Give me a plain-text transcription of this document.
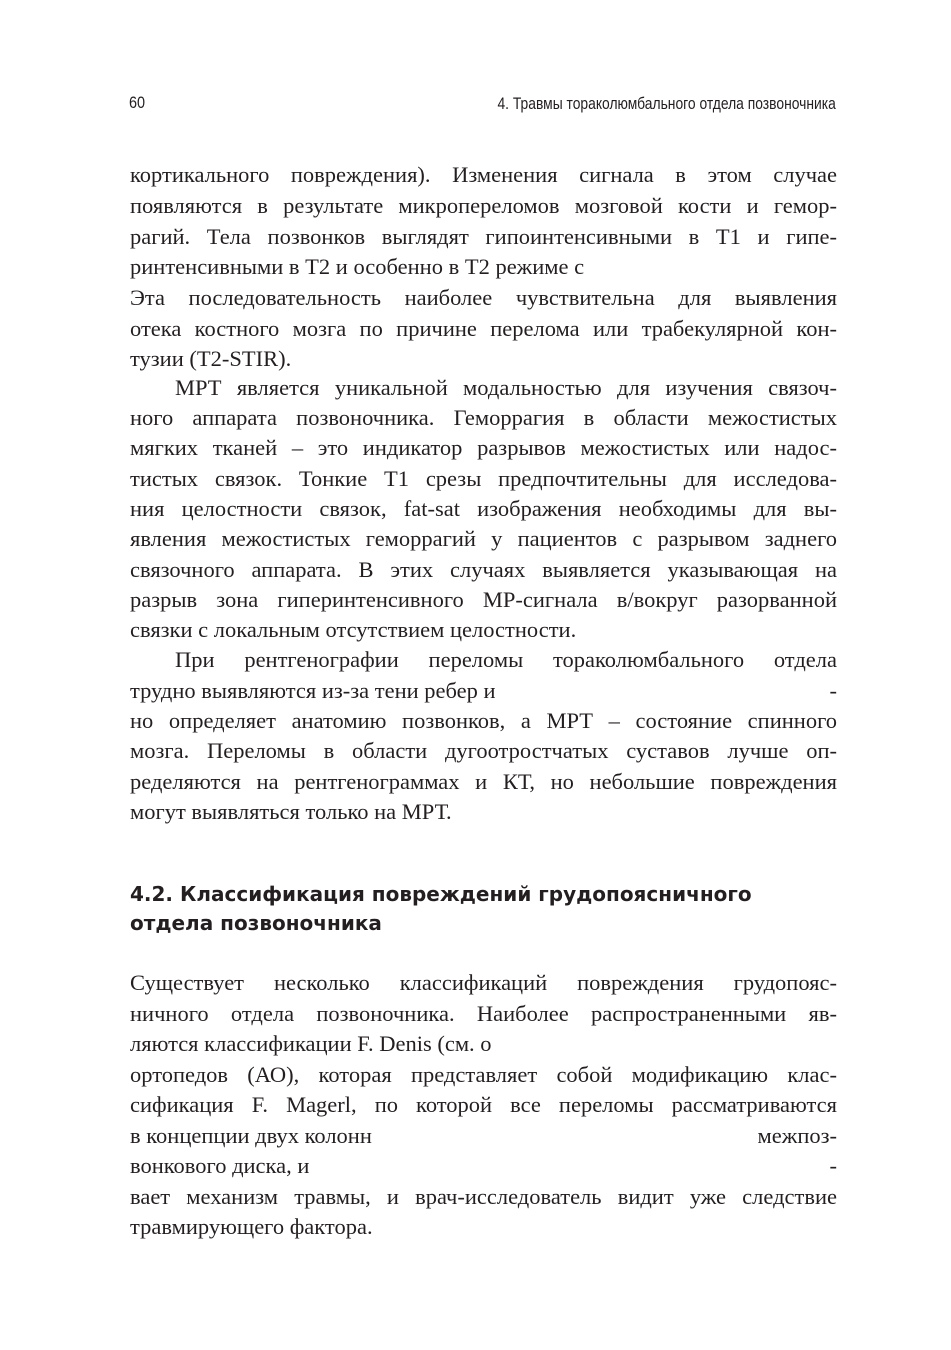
60	4. Травмы тораколюмбального отдела позвоночника
кортикального повреждения). Изменения сигнала в этом случае
появляются в результате микропереломов мозговой кости и гемор-
рагий. Тела позвонков выглядят гипоинтенсивными в Т1 и гипе-
ринтенсивными в Т2 и особенно в Т2 режиме с
Эта последовательность наиболее чувствительна для выявления
отека костного мозга по причине перелома или трабекулярной кон-
тузии (T2-STIR).
МРТ является уникальной модальностью для изучения связоч-
ного аппарата позвоночника. Геморрагия в области межостистых
мягких тканей – это индикатор разрывов межостистых или надос-
тистых связок. Тонкие Т1 срезы предпочтительны для исследова-
ния целостности связок, fat-sat изображения необходимы для вы-
явления межостистых геморрагий у пациентов с разрывом заднего
связочного аппарата. В этих случаях выявляется указывающая на
разрыв зона гиперинтенсивного МР-сигнала в/вокруг разорванной
связки с локальным отсутствием целостности.
При рентгенографии переломы тораколюмбального отдела
трудно выявляются из-за тени ребер и	-
но определяет анатомию позвонков, а МРТ – состояние спинного
мозга. Переломы в области дугоотростчатых суставов лучше оп-
ределяются на рентгенограммах и КТ, но небольшие повреждения
могут выявляться только на МРТ.
4.2. Классификация повреждений грудопоясничного
отдела позвоночника
Существует несколько классификаций повреждения грудопояс-
ничного отдела позвоночника. Наиболее распространенными яв-
ляются классификации F. Denis (см. о
ортопедов (АО), которая представляет собой модификацию клас-
сификация F. Magerl, по которой все переломы рассматриваются
в концепции двух колонн	межпоз-
вонкового диска, и	-
вает механизм травмы, и врач-исследователь видит уже следствие
травмирующего фактора.
